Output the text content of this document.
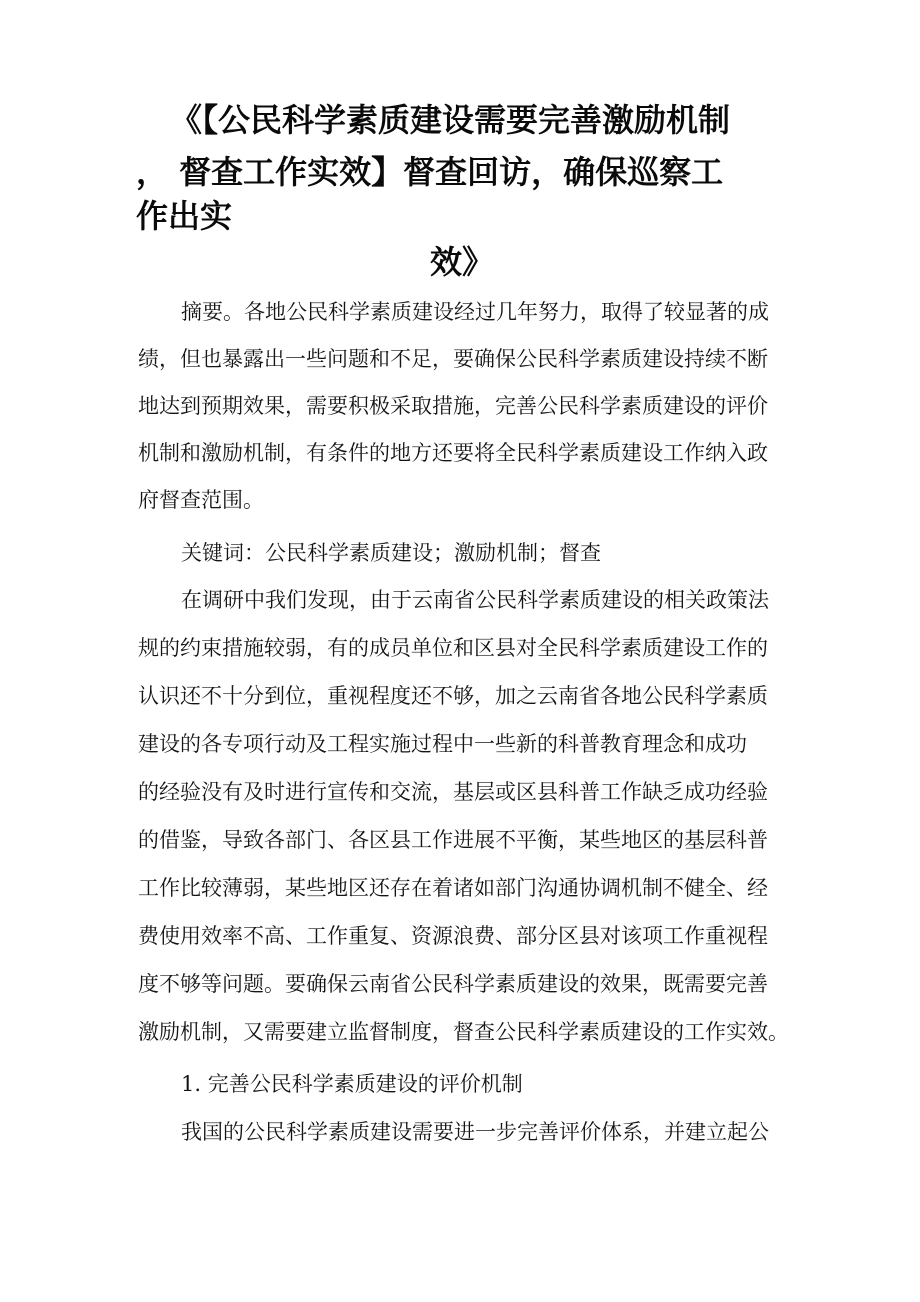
《【公民科学素质建设需要完善激励机制
， 督查工作实效】督查回访，确保巡察工
作出实
效》
摘要。各地公民科学素质建设经过几年努力，取得了较显著的成
绩，但也暴露出一些问题和不足，要确保公民科学素质建设持续不断
地达到预期效果，需要积极采取措施，完善公民科学素质建设的评价
机制和激励机制，有条件的地方还要将全民科学素质建设工作纳入政
府督查范围。
关键词：公民科学素质建设；激励机制；督查
在调研中我们发现，由于云南省公民科学素质建设的相关政策法
规的约束措施较弱，有的成员单位和区县对全民科学素质建设工作的
认识还不十分到位，重视程度还不够，加之云南省各地公民科学素质
建设的各专项行动及工程实施过程中一些新的科普教育理念和成功
的经验没有及时进行宣传和交流，基层或区县科普工作缺乏成功经验
的借鉴，导致各部门、各区县工作进展不平衡，某些地区的基层科普
工作比较薄弱，某些地区还存在着诸如部门沟通协调机制不健全、经
费使用效率不高、工作重复、资源浪费、部分区县对该项工作重视程
度不够等问题。要确保云南省公民科学素质建设的效果，既需要完善
激励机制，又需要建立监督制度，督查公民科学素质建设的工作实效。
1. 完善公民科学素质建设的评价机制
我国的公民科学素质建设需要进一步完善评价体系，并建立起公
